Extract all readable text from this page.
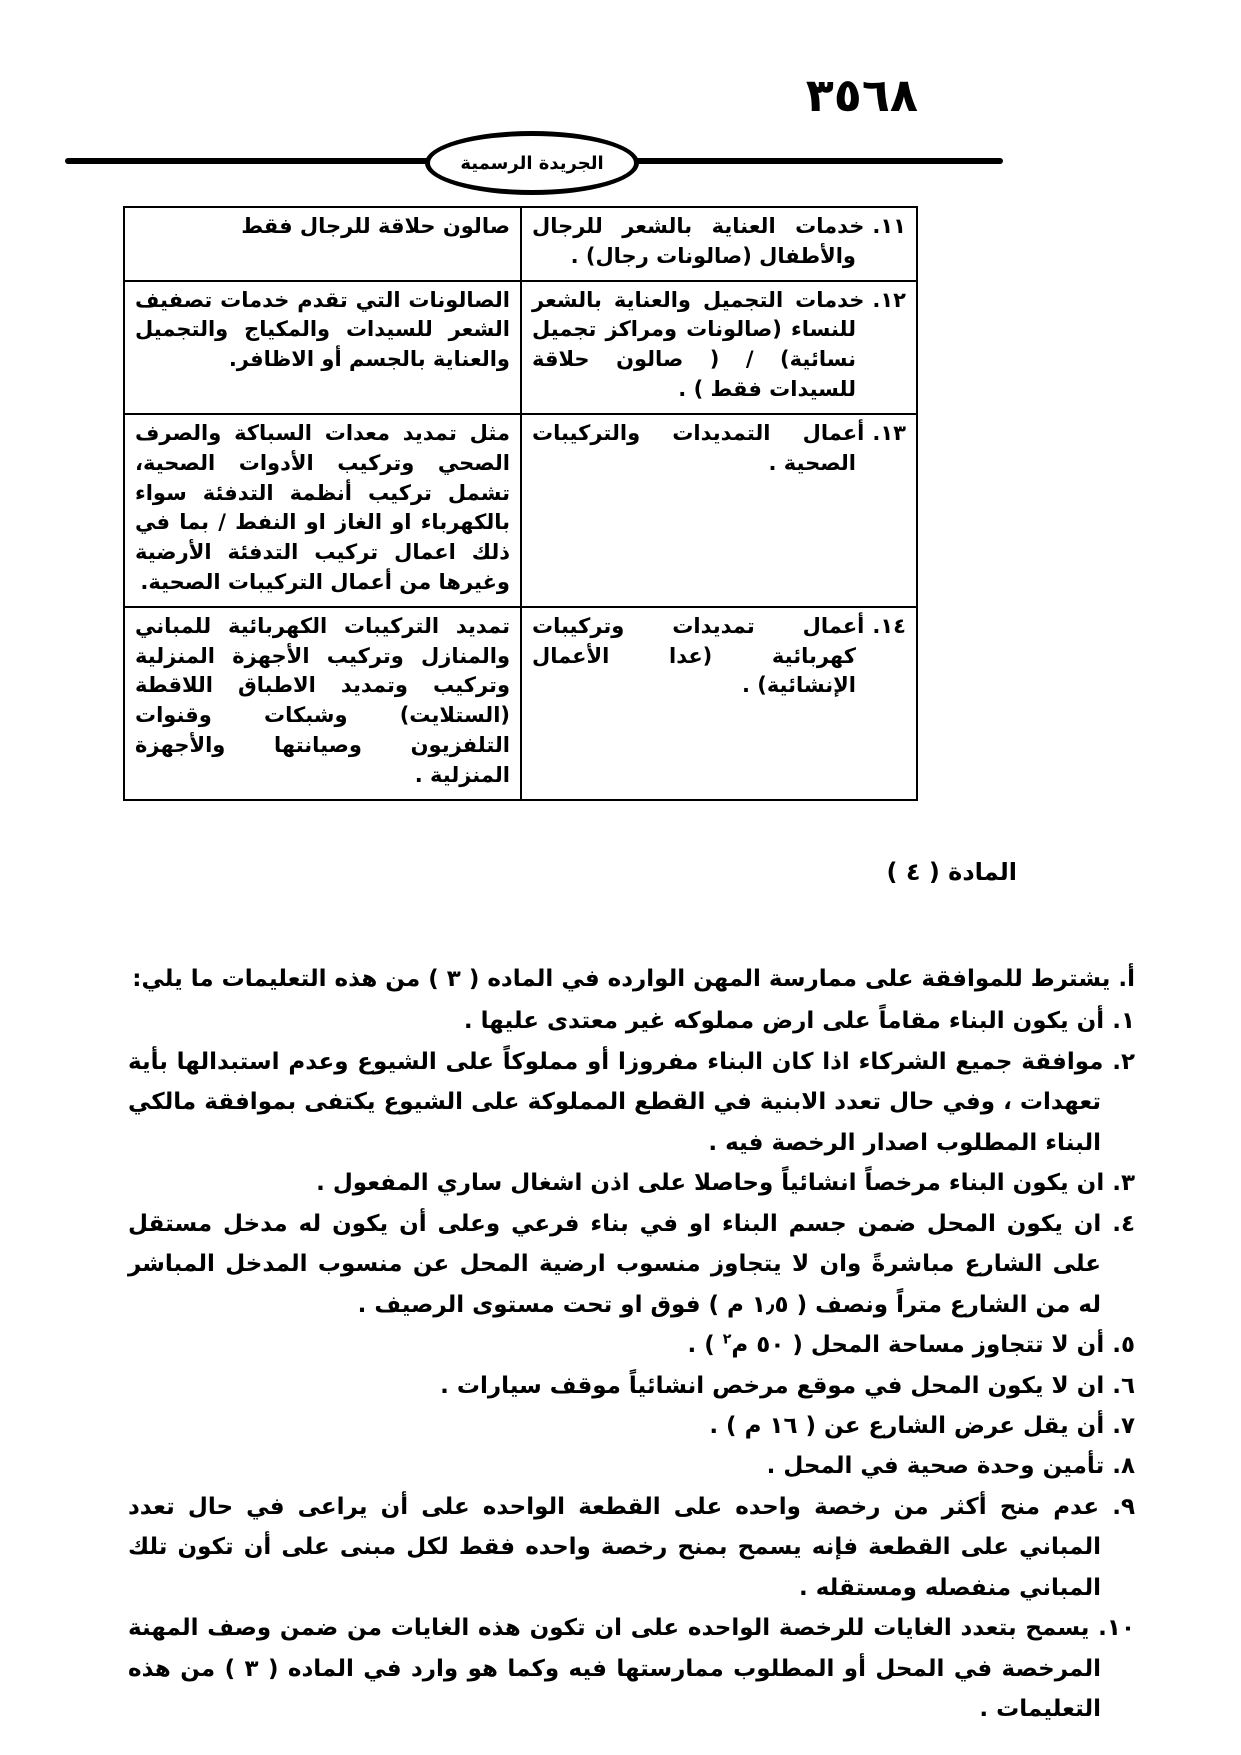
٣٥٦٨
الجريدة الرسمية
١١.خدمات العناية بالشعر للرجال والأطفال (صالونات رجال) .	صالون حلاقة للرجال فقط

١٢.خدمات التجميل والعناية بالشعر للنساء (صالونات ومراكز تجميل نسائية) / ( صالون حلاقة للسيدات فقط ) .	الصالونات التي تقدم خدمات تصفيف الشعر للسيدات والمكياج والتجميل والعناية بالجسم أو الاظافر.

١٣.أعمال التمديدات والتركيبات الصحية .	مثل تمديد معدات السباكة والصرف الصحي وتركيب الأدوات الصحية، تشمل تركيب أنظمة التدفئة سواء بالكهرباء او الغاز او النفط / بما في ذلك اعمال تركيب التدفئة الأرضية وغيرها من أعمال التركيبات الصحية.

١٤.أعمال تمديدات وتركيبات كهربائية (عدا الأعمال الإنشائية) .	تمديد التركيبات الكهربائية للمباني والمنازل وتركيب الأجهزة المنزلية وتركيب وتمديد الاطباق اللاقطة (الستلايت) وشبكات وقنوات التلفزيون وصيانتها والأجهزة المنزلية .
المادة ( ٤ )
أ. يشترط للموافقة على ممارسة المهن الوارده في الماده ( ٣ ) من هذه التعليمات ما يلي:
١. أن يكون البناء مقاماً على ارض مملوكه غير معتدى عليها .
٢. موافقة جميع الشركاء اذا كان البناء مفروزا أو مملوكاً على الشيوع وعدم استبدالها بأية تعهدات ، وفي حال تعدد الابنية في القطع المملوكة على الشيوع يكتفى بموافقة مالكي البناء المطلوب اصدار الرخصة فيه .
٣. ان يكون البناء مرخصاً انشائياً وحاصلا على اذن اشغال ساري المفعول .
٤. ان يكون المحل ضمن جسم البناء او في بناء فرعي وعلى أن يكون له مدخل مستقل على الشارع مباشرةً وان لا يتجاوز منسوب ارضية المحل عن منسوب المدخل المباشر له من الشارع متراً ونصف ( ١٫٥ م ) فوق او تحت مستوى الرصيف .
٥. أن لا تتجاوز مساحة المحل ( ٥٠ م$^٢$ ) .
٦. ان لا يكون المحل في موقع مرخص انشائياً موقف سيارات .
٧. أن يقل عرض الشارع عن ( ١٦ م ) .
٨. تأمين وحدة صحية في المحل .
٩. عدم منح أكثر من رخصة واحده على القطعة الواحده على أن يراعى في حال تعدد المباني على القطعة فإنه يسمح بمنح رخصة واحده فقط لكل مبنى على أن تكون تلك المباني منفصله ومستقله .
١٠. يسمح بتعدد الغايات للرخصة الواحده على ان تكون هذه الغايات من ضمن وصف المهنة المرخصة في المحل أو المطلوب ممارستها فيه وكما هو وارد في الماده ( ٣ ) من هذه التعليمات .
